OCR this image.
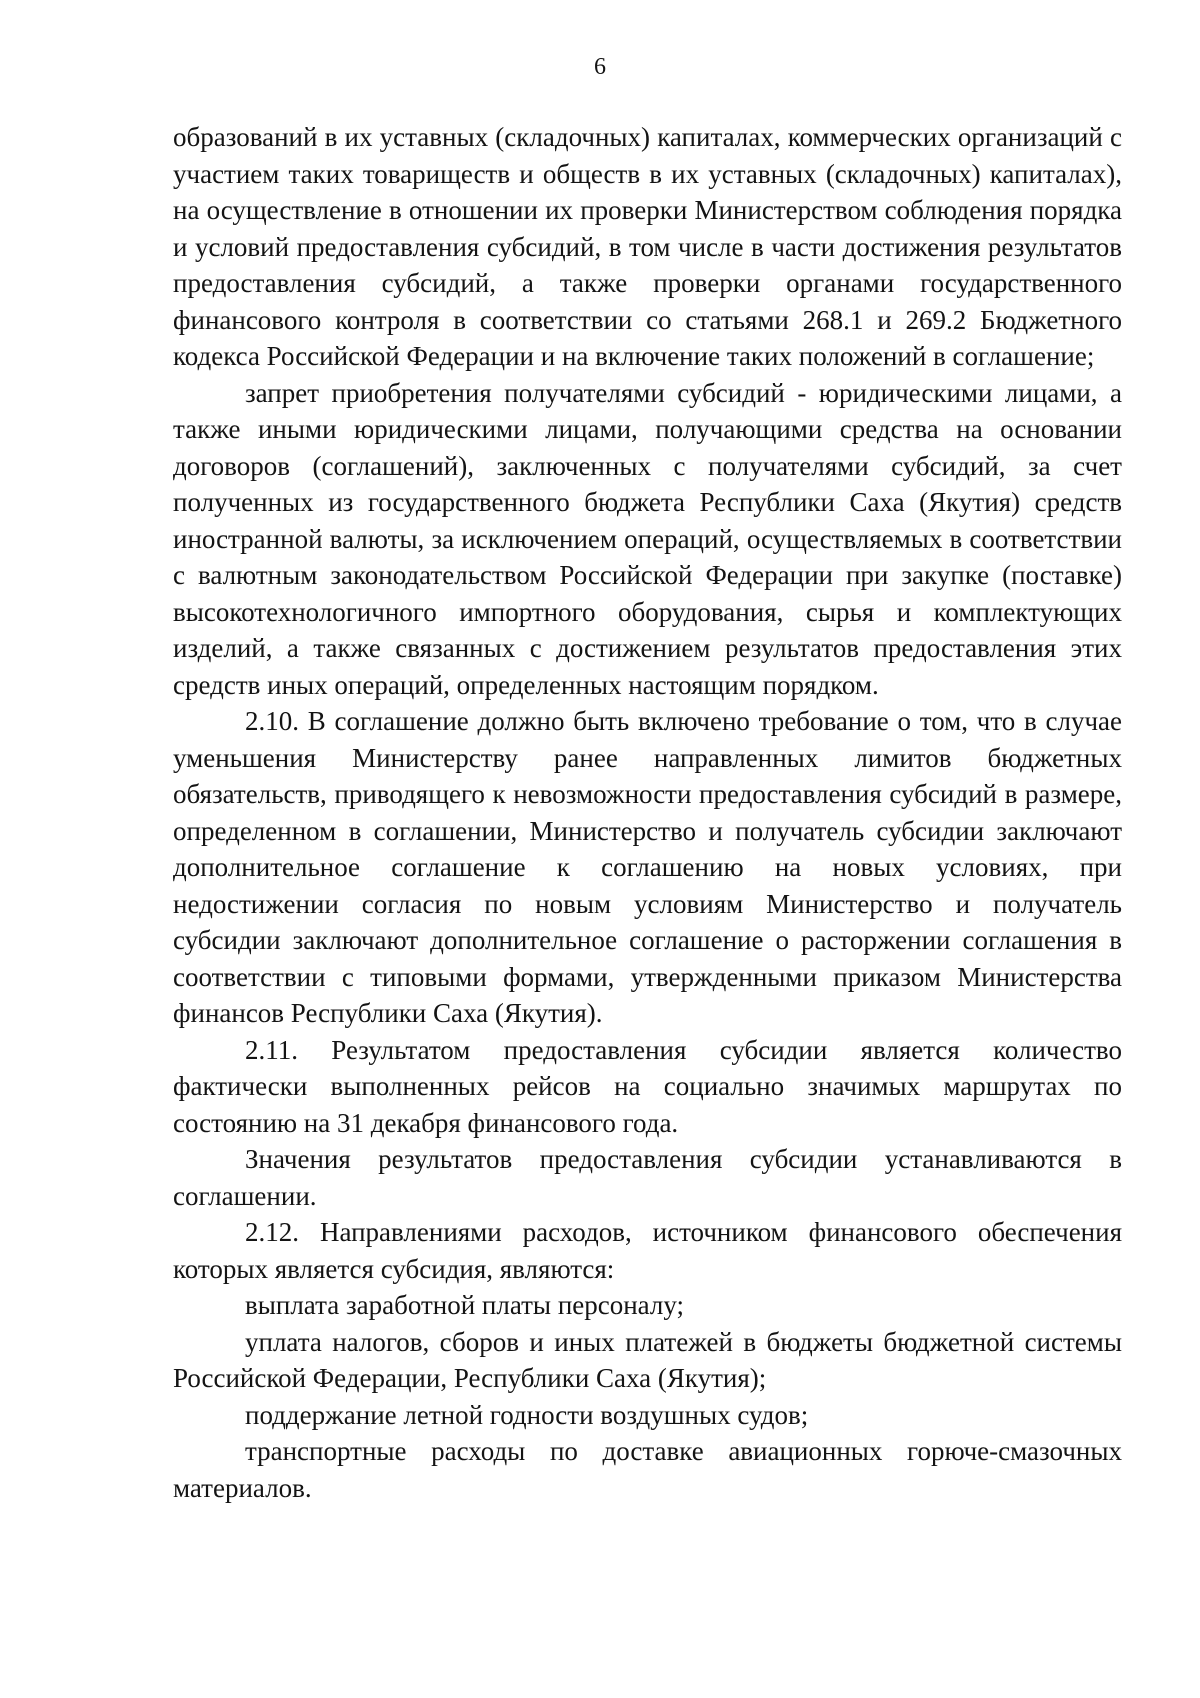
6

образований в их уставных (складочных) капиталах, коммерческих организаций с участием таких товариществ и обществ в их уставных (складочных) капиталах), на осуществление в отношении их проверки Министерством соблюдения порядка и условий предоставления субсидий, в том числе в части достижения результатов предоставления субсидий, а также проверки органами государственного финансового контроля в соответствии со статьями 268.1 и 269.2 Бюджетного кодекса Российской Федерации и на включение таких положений в соглашение;

запрет приобретения получателями субсидий - юридическими лицами, а также иными юридическими лицами, получающими средства на основании договоров (соглашений), заключенных с получателями субсидий, за счет полученных из государственного бюджета Республики Саха (Якутия) средств иностранной валюты, за исключением операций, осуществляемых в соответствии с валютным законодательством Российской Федерации при закупке (поставке) высокотехнологичного импортного оборудования, сырья и комплектующих изделий, а также связанных с достижением результатов предоставления этих средств иных операций, определенных настоящим порядком.

2.10. В соглашение должно быть включено требование о том, что в случае уменьшения Министерству ранее направленных лимитов бюджетных обязательств, приводящего к невозможности предоставления субсидий в размере, определенном в соглашении, Министерство и получатель субсидии заключают дополнительное соглашение к соглашению на новых условиях, при недостижении согласия по новым условиям Министерство и получатель субсидии заключают дополнительное соглашение о расторжении соглашения в соответствии с типовыми формами, утвержденными приказом Министерства финансов Республики Саха (Якутия).

2.11. Результатом предоставления субсидии является количество фактически выполненных рейсов на социально значимых маршрутах по состоянию на 31 декабря финансового года.

Значения результатов предоставления субсидии устанавливаются в соглашении.

2.12. Направлениями расходов, источником финансового обеспечения которых является субсидия, являются:

выплата заработной платы персоналу;

уплата налогов, сборов и иных платежей в бюджеты бюджетной системы Российской Федерации, Республики Саха (Якутия);

поддержание летной годности воздушных судов;

транспортные расходы по доставке авиационных горюче-смазочных материалов.
